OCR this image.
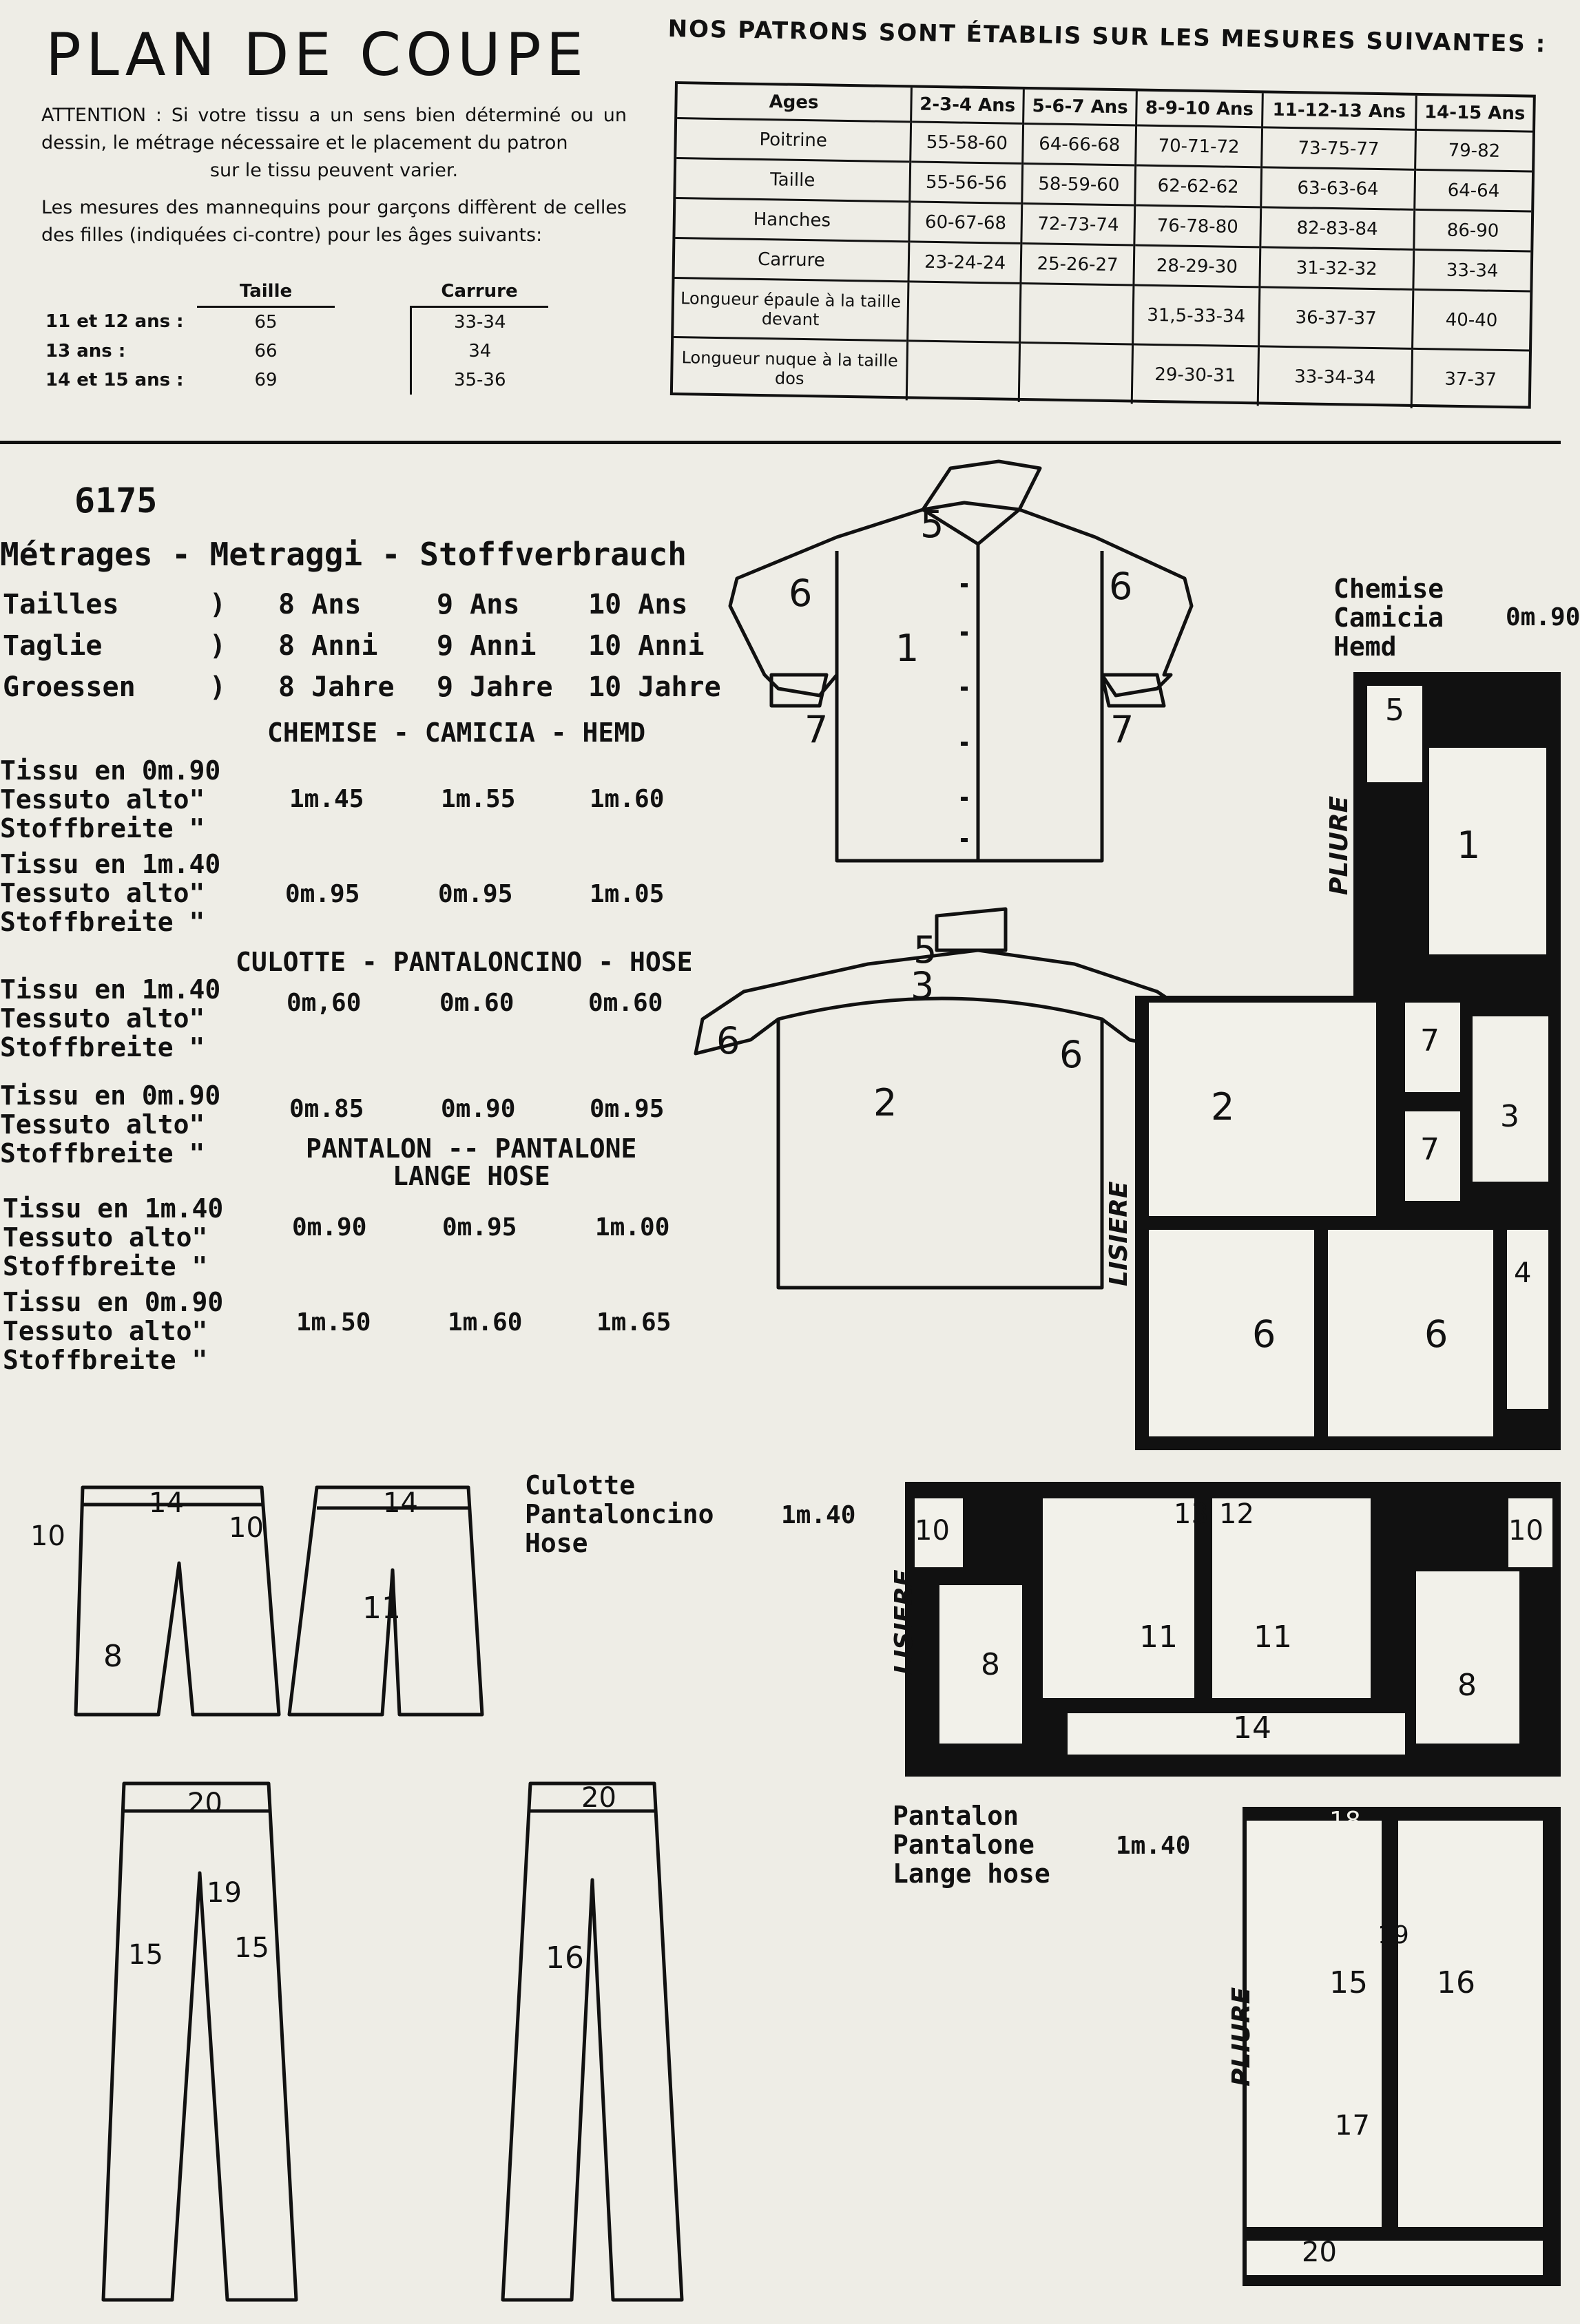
PLAN DE COUPE

ATTENTION : Si votre tissu a un sens bien déterminé ou un dessin, le métrage nécessaire et le placement du patron

sur le tissu peuvent varier.

Les mesures des mannequins pour garçons diffèrent de celles des filles (indiquées ci-contre) pour les âges suivants:

	Taille		Carrure
11 et 12 ans :	65		33-34
13 ans :	66		34
14 et 15 ans :	69		35-36
NOS PATRONS SONT ÉTABLIS SUR LES MESURES SUIVANTES :
Ages	2-3-4 Ans	5-6-7 Ans	8-9-10 Ans	11-12-13 Ans	14-15 Ans
Poitrine	55-58-60	64-66-68	70-71-72	73-75-77	79-82
Taille	55-56-56	58-59-60	62-62-62	63-63-64	64-64
Hanches	60-67-68	72-73-74	76-78-80	82-83-84	86-90
Carrure	23-24-24	25-26-27	28-29-30	31-32-32	33-34
Longueur épaule à la taille devant			31,5-33-34	36-37-37	40-40
Longueur nuque à la taille dos			29-30-31	33-34-34	37-37
6175
Métrages - Metraggi - Stoffverbrauch
Tailles	) 8 Ans	9 Ans 10 Ans
Taglie	) 8 Anni 9 Anni 10 Anni
Groessen	) 8 Jahre 9 Jahre 10 Jahre
CHEMISE - CAMICIA - HEMD
Tissu en 0m.90
Tessuto alto"
Stoffbreite "
1m.45	1m.55	1m.60
Tissu en 1m.40
Tessuto alto"
Stoffbreite "
0m.95	0m.95	1m.05
CULOTTE - PANTALONCINO - HOSE
Tissu en 1m.40
Tessuto alto"
Stoffbreite "
0m,60	0m.60	0m.60
Tissu en 0m.90
Tessuto alto"
Stoffbreite "
0m.85	0m.90	0m.95
PANTALON -- PANTALONE
LANGE HOSE
Tissu en 1m.40
Tessuto alto"
Stoffbreite "
0m.90	0m.95	1m.00
Tissu en 0m.90
Tessuto alto"
Stoffbreite "
1m.50	1m.60	1m.65
5
6	6
1
7	7
5
3
6	6
2
14
10	10
8
14
11
20
19
15	15
20
16
Chemise
Camicia
Hemd
0m.90
Culotte
Pantaloncino
Hose
1m.40
Pantalon
Pantalone
Lange hose
1m.40
5
1
2
7
7
3
6	6
4
PLIURE
LISIERE
10
8
11
13
11
12
8
10
14
LISIERE
15
17
16
18
19
20
PLIURE
